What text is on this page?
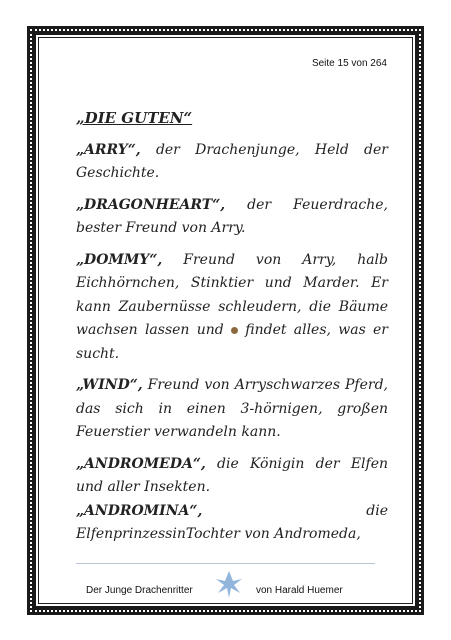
Seite 15 von 264
„DIE GUTEN“
„ARRY“, der Drachenjunge, Held der Geschichte.
„DRAGONHEART“, der Feuerdrache, bester Freund von Arry.
„DOMMY“, Freund von Arry, halb Eichhörnchen, Stinktier und Marder. Er kann Zaubernüsse schleudern, die Bäume wachsen lassen und  findet alles, was er sucht.
„WIND“, Freund von Arryschwarzes Pferd, das sich in einen 3-hörnigen, großen Feuerstier verwandeln kann.
„ANDROMEDA“, die Königin der Elfen und aller Insekten.
„ANDROMINA“, die ElfenprinzessinTochter von Andromeda,
Der Junge Drachenritter	von Harald Huemer
